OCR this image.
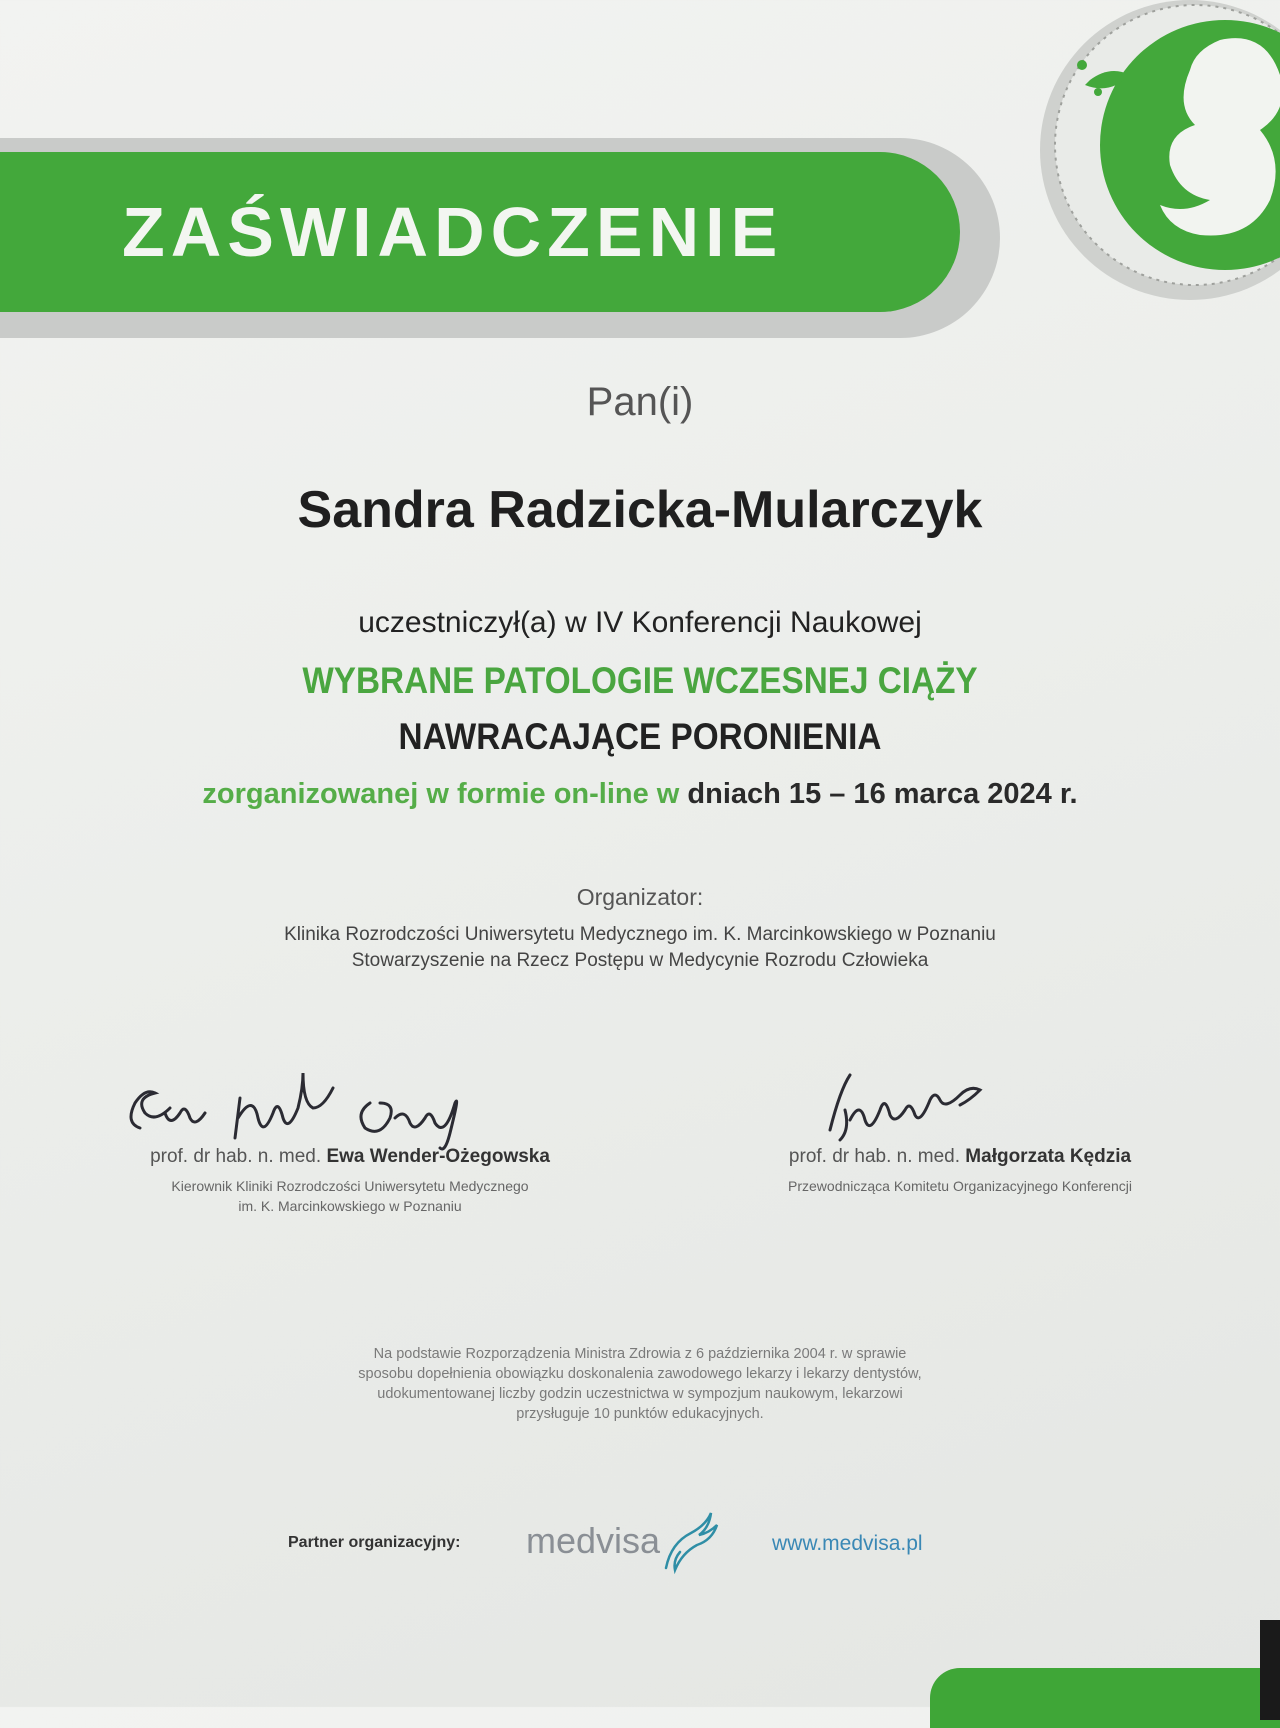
ZAŚWIADCZENIE
Pan(i)
Sandra Radzicka-Mularczyk
uczestniczył(a) w IV Konferencji Naukowej
WYBRANE PATOLOGIE WCZESNEJ CIĄŻY
NAWRACAJĄCE PORONIENIA
zorganizowanej w formie on-line w dniach 15 – 16 marca 2024 r.
Organizator:
Klinika Rozrodczości Uniwersytetu Medycznego im. K. Marcinkowskiego w Poznaniu
Stowarzyszenie na Rzecz Postępu w Medycynie Rozrodu Człowieka
prof. dr hab. n. med. Ewa Wender-Ożegowska
Kierownik Kliniki Rozrodczości Uniwersytetu Medycznego
im. K. Marcinkowskiego w Poznaniu
prof. dr hab. n. med. Małgorzata Kędzia
Przewodnicząca Komitetu Organizacyjnego Konferencji
Na podstawie Rozporządzenia Ministra Zdrowia z 6 października 2004 r. w sprawie
sposobu dopełnienia obowiązku doskonalenia zawodowego lekarzy i lekarzy dentystów,
udokumentowanej liczby godzin uczestnictwa w sympozjum naukowym, lekarzowi
przysługuje 10 punktów edukacyjnych.
Partner organizacyjny: medvisa	www.medvisa.pl
